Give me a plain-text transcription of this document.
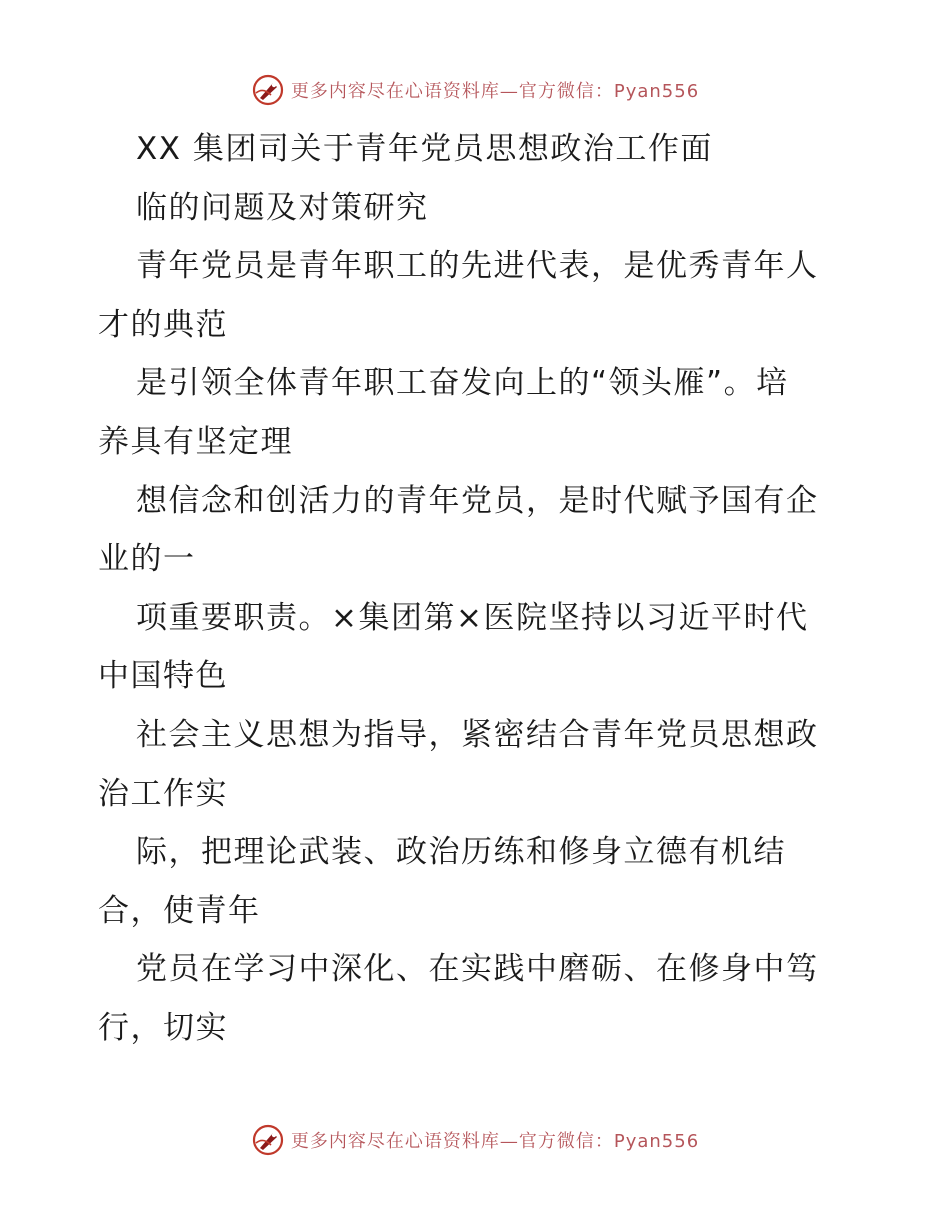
更多内容尽在心语资料库—官方微信：Pyan556
XX 集团司关于青年党员思想政治工作面
临的问题及对策研究
青年党员是青年职工的先进代表，是优秀青年人
才的典范
是引领全体青年职工奋发向上的“领头雁”。培
养具有坚定理
想信念和创活力的青年党员，是时代赋予国有企
业的一
项重要职责。×集团第×医院坚持以习近平时代
中国特色
社会主义思想为指导，紧密结合青年党员思想政
治工作实
际，把理论武装、政治历练和修身立德有机结
合，使青年
党员在学习中深化、在实践中磨砺、在修身中笃
行，切实
更多内容尽在心语资料库—官方微信：Pyan556
